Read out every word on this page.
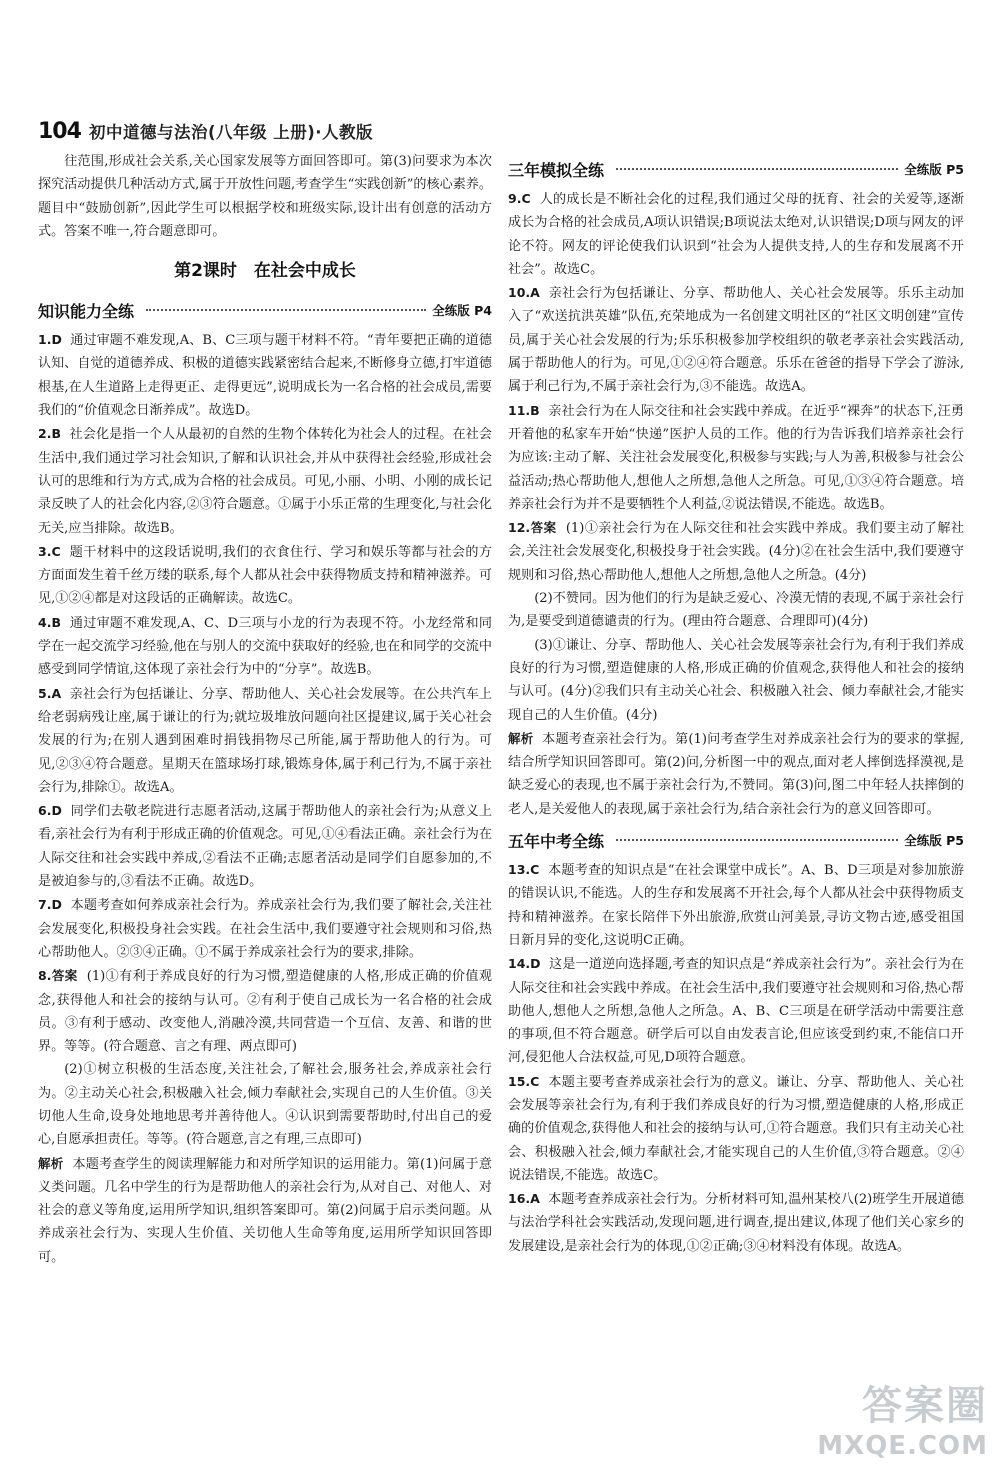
104 初中道德与法治(八年级 上册)·人教版

往范围,形成社会关系,关心国家发展等方面回答即可。第(3)问要求为本次探究活动提供几种活动方式,属于开放性问题,考查学生“实践创新”的核心素养。题目中“鼓励创新”,因此学生可以根据学校和班级实际,设计出有创意的活动方式。答案不唯一,符合题意即可。

第2课时　在社会中成长
知识能力全练	全练版 P4

1.D 通过审题不难发现,A、B、C三项与题干材料不符。“青年要把正确的道德认知、自觉的道德养成、积极的道德实践紧密结合起来,不断修身立德,打牢道德根基,在人生道路上走得更正、走得更远”,说明成长为一名合格的社会成员,需要我们的“价值观念日渐养成”。故选D。

2.B 社会化是指一个人从最初的自然的生物个体转化为社会人的过程。在社会生活中,我们通过学习社会知识,了解和认识社会,并从中获得社会经验,形成社会认可的思维和行为方式,成为合格的社会成员。可见,小丽、小明、小刚的成长记录反映了人的社会化内容,②③符合题意。①属于小乐正常的生理变化,与社会化无关,应当排除。故选B。

3.C 题干材料中的这段话说明,我们的衣食住行、学习和娱乐等都与社会的方方面面发生着千丝万缕的联系,每个人都从社会中获得物质支持和精神滋养。可见,①②④都是对这段话的正确解读。故选C。

4.B 通过审题不难发现,A、C、D三项与小龙的行为表现不符。小龙经常和同学在一起交流学习经验,他在与别人的交流中获取好的经验,也在和同学的交流中感受到同学情谊,这体现了亲社会行为中的“分享”。故选B。

5.A 亲社会行为包括谦让、分享、帮助他人、关心社会发展等。在公共汽车上给老弱病残让座,属于谦让的行为;就垃圾堆放问题向社区提建议,属于关心社会发展的行为;在别人遇到困难时捐钱捐物尽己所能,属于帮助他人的行为。可见,②③④符合题意。星期天在篮球场打球,锻炼身体,属于利己行为,不属于亲社会行为,排除①。故选A。

6.D 同学们去敬老院进行志愿者活动,这属于帮助他人的亲社会行为;从意义上看,亲社会行为有利于形成正确的价值观念。可见,①④看法正确。亲社会行为在人际交往和社会实践中养成,②看法不正确;志愿者活动是同学们自愿参加的,不是被迫参与的,③看法不正确。故选D。

7.D 本题考查如何养成亲社会行为。养成亲社会行为,我们要了解社会,关注社会发展变化,积极投身社会实践。在社会生活中,我们要遵守社会规则和习俗,热心帮助他人。②③④正确。①不属于养成亲社会行为的要求,排除。

8.答案 (1)①有利于养成良好的行为习惯,塑造健康的人格,形成正确的价值观念,获得他人和社会的接纳与认可。②有利于使自己成长为一名合格的社会成员。③有利于感动、改变他人,消融冷漠,共同营造一个互信、友善、和谐的世界。等等。(符合题意、言之有理、两点即可)

(2)①树立积极的生活态度,关注社会,了解社会,服务社会,养成亲社会行为。②主动关心社会,积极融入社会,倾力奉献社会,实现自己的人生价值。③关切他人生命,设身处地地思考并善待他人。④认识到需要帮助时,付出自己的爱心,自愿承担责任。等等。(符合题意,言之有理,三点即可)

解析 本题考查学生的阅读理解能力和对所学知识的运用能力。第(1)问属于意义类问题。几名中学生的行为是帮助他人的亲社会行为,从对自己、对他人、对社会的意义等角度,运用所学知识,组织答案即可。第(2)问属于启示类问题。从养成亲社会行为、实现人生价值、关切他人生命等角度,运用所学知识回答即可。

三年模拟全练	全练版 P5

9.C 人的成长是不断社会化的过程,我们通过父母的抚育、社会的关爱等,逐渐成长为合格的社会成员,A项认识错误;B项说法太绝对,认识错误;D项与网友的评论不符。网友的评论使我们认识到“社会为人提供支持,人的生存和发展离不开社会”。故选C。

10.A 亲社会行为包括谦让、分享、帮助他人、关心社会发展等。乐乐主动加入了“欢送抗洪英雄”队伍,充荣地成为一名创建文明社区的“社区文明创建”宣传员,属于关心社会发展的行为;乐乐积极参加学校组织的敬老孝亲社会实践活动,属于帮助他人的行为。可见,①②④符合题意。乐乐在爸爸的指导下学会了游泳,属于利己行为,不属于亲社会行为,③不能选。故选A。

11.B 亲社会行为在人际交往和社会实践中养成。在近乎“裸奔”的状态下,汪勇开着他的私家车开始“快递”医护人员的工作。他的行为告诉我们培养亲社会行为应该:主动了解、关注社会发展变化,积极参与实践;与人为善,积极参与社会公益活动;热心帮助他人,想他人之所想,急他人之所急。可见,①③④符合题意。培养亲社会行为并不是要牺牲个人利益,②说法错误,不能选。故选B。

12.答案 (1)①亲社会行为在人际交往和社会实践中养成。我们要主动了解社会,关注社会发展变化,积极投身于社会实践。(4分)②在社会生活中,我们要遵守规则和习俗,热心帮助他人,想他人之所想,急他人之所急。(4分)

(2)不赞同。因为他们的行为是缺乏爱心、冷漠无情的表现,不属于亲社会行为,是要受到道德谴责的行为。(理由符合题意、合理即可)(4分)

(3)①谦让、分享、帮助他人、关心社会发展等亲社会行为,有利于我们养成良好的行为习惯,塑造健康的人格,形成正确的价值观念,获得他人和社会的接纳与认可。(4分)②我们只有主动关心社会、积极融入社会、倾力奉献社会,才能实现自己的人生价值。(4分)

解析 本题考查亲社会行为。第(1)问考查学生对养成亲社会行为的要求的掌握,结合所学知识回答即可。第(2)问,分析图一中的观点,面对老人摔倒选择漠视,是缺乏爱心的表现,也不属于亲社会行为,不赞同。第(3)问,图二中年轻人扶摔倒的老人,是关爱他人的表现,属于亲社会行为,结合亲社会行为的意义回答即可。

五年中考全练	全练版 P5

13.C 本题考查的知识点是“在社会课堂中成长”。A、B、D三项是对参加旅游的错误认识,不能选。人的生存和发展离不开社会,每个人都从社会中获得物质支持和精神滋养。在家长陪伴下外出旅游,欣赏山河美景,寻访文物古迹,感受祖国日新月异的变化,这说明C正确。

14.D 这是一道逆向选择题,考查的知识点是“养成亲社会行为”。亲社会行为在人际交往和社会实践中养成。在社会生活中,我们要遵守社会规则和习俗,热心帮助他人,想他人之所想,急他人之所急。A、B、C三项是在研学活动中需要注意的事项,但不符合题意。研学后可以自由发表言论,但应该受到约束,不能信口开河,侵犯他人合法权益,可见,D项符合题意。

15.C 本题主要考查养成亲社会行为的意义。谦让、分享、帮助他人、关心社会发展等亲社会行为,有利于我们养成良好的行为习惯,塑造健康的人格,形成正确的价值观念,获得他人和社会的接纳与认可,①符合题意。我们只有主动关心社会、积极融入社会,倾力奉献社会,才能实现自己的人生价值,③符合题意。②④说法错误,不能选。故选C。

16.A 本题考查养成亲社会行为。分析材料可知,温州某校八(2)班学生开展道德与法治学科社会实践活动,发现问题,进行调查,提出建议,体现了他们关心家乡的发展建设,是亲社会行为的体现,①②正确;③④材料没有体现。故选A。

答案圈
MXQE.COM
